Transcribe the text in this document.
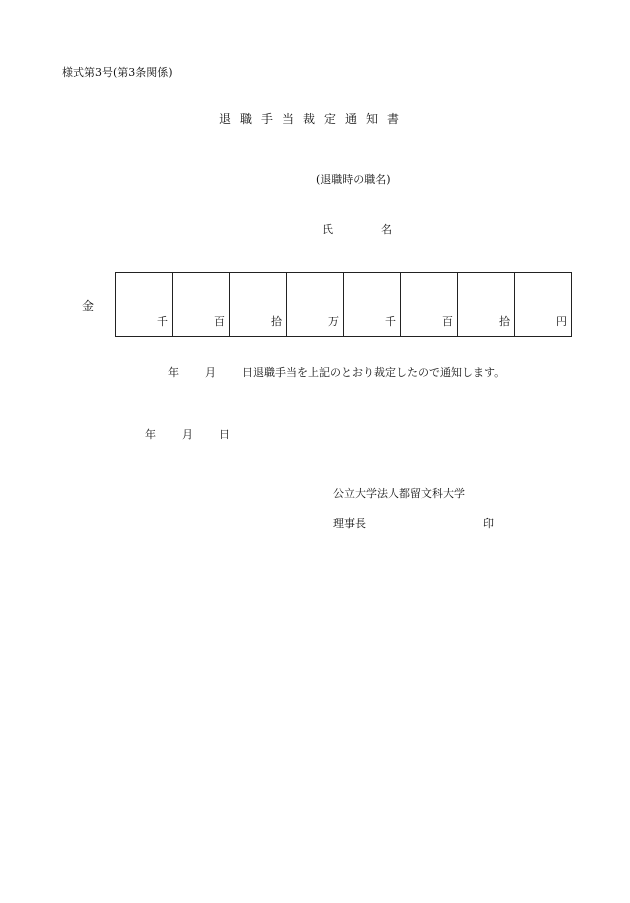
様式第3号(第3条関係)
退職手当裁定通知書
(退職時の職名)
氏名
金
千	百	拾	万	千	百	拾	円
年 月 日退職手当を上記のとおり裁定したので通知します。
年 月 日
公立大学法人都留文科大学
理事長	印
